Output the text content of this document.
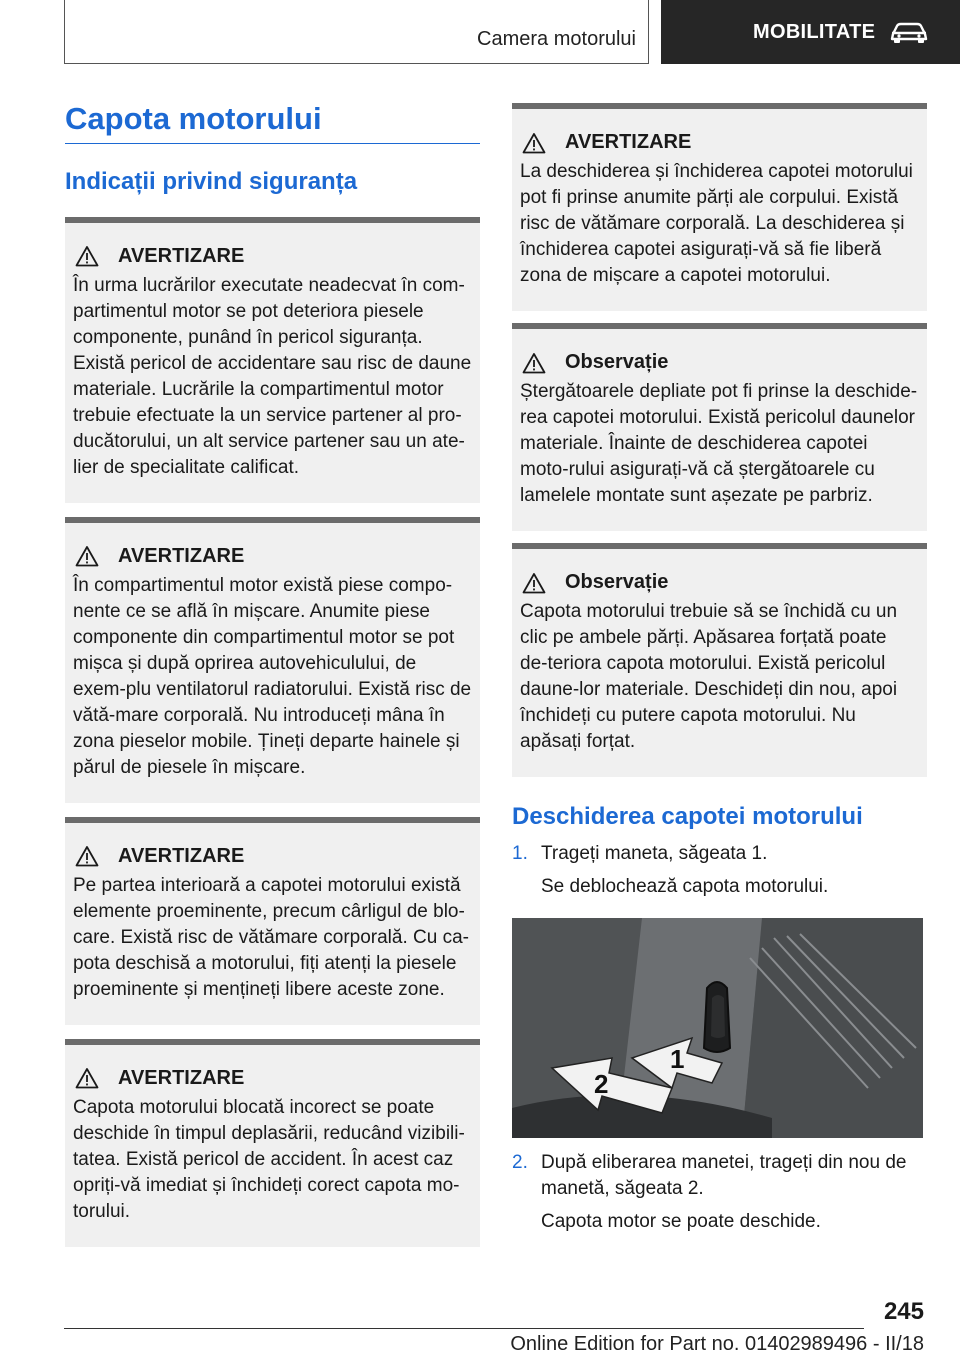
Camera motorului	MOBILITATE
Capota motorului
Indicații privind siguranța
AVERTIZARE
În urma lucrărilor executate neadecvat în com‐partimentul motor se pot deteriora piesele componente, punând în pericol siguranța. Există pericol de accidentare sau risc de daune materiale. Lucrările la compartimentul motor trebuie efectuate la un service partener al pro‐ducătorului, un alt service partener sau un ate‐lier de specialitate calificat.
AVERTIZARE
În compartimentul motor există piese compo‐nente ce se află în mișcare. Anumite piese componente din compartimentul motor se pot mișca și după oprirea autovehiculului, de exem‐plu ventilatorul radiatorului. Există risc de vătă‐mare corporală. Nu introduceți mâna în zona pieselor mobile. Țineți departe hainele și părul de piesele în mișcare.
AVERTIZARE
Pe partea interioară a capotei motorului există elemente proeminente, precum cârligul de blo‐care. Există risc de vătămare corporală. Cu ca‐pota deschisă a motorului, fiți atenți la piesele proeminente și mențineți libere aceste zone.
AVERTIZARE
Capota motorului blocată incorect se poate deschide în timpul deplasării, reducând vizibili‐tatea. Există pericol de accident. În acest caz opriți-vă imediat și închideți corect capota mo‐torului.
AVERTIZARE
La deschiderea și închiderea capotei motorului pot fi prinse anumite părți ale corpului. Există risc de vătămare corporală. La deschiderea și închiderea capotei asigurați-vă să fie liberă zona de mișcare a capotei motorului.
Observație
Ștergătoarele depliate pot fi prinse la deschide‐rea capotei motorului. Există pericolul daunelor materiale. Înainte de deschiderea capotei moto‐rului asigurați-vă că ștergătoarele cu lamelele montate sunt așezate pe parbriz.
Observație
Capota motorului trebuie să se închidă cu un clic pe ambele părți. Apăsarea forțată poate de‐teriora capota motorului. Există pericolul daune‐lor materiale. Deschideți din nou, apoi închideți cu putere capota motorului. Nu apăsați forțat.
Deschiderea capotei motorului
1. Trageți maneta, săgeata 1.
Se deblochează capota motorului.
1
2
2. După eliberarea manetei, trageți din nou de manetă, săgeata 2.
Capota motor se poate deschide.
245
Online Edition for Part no. 01402989496 - II/18
